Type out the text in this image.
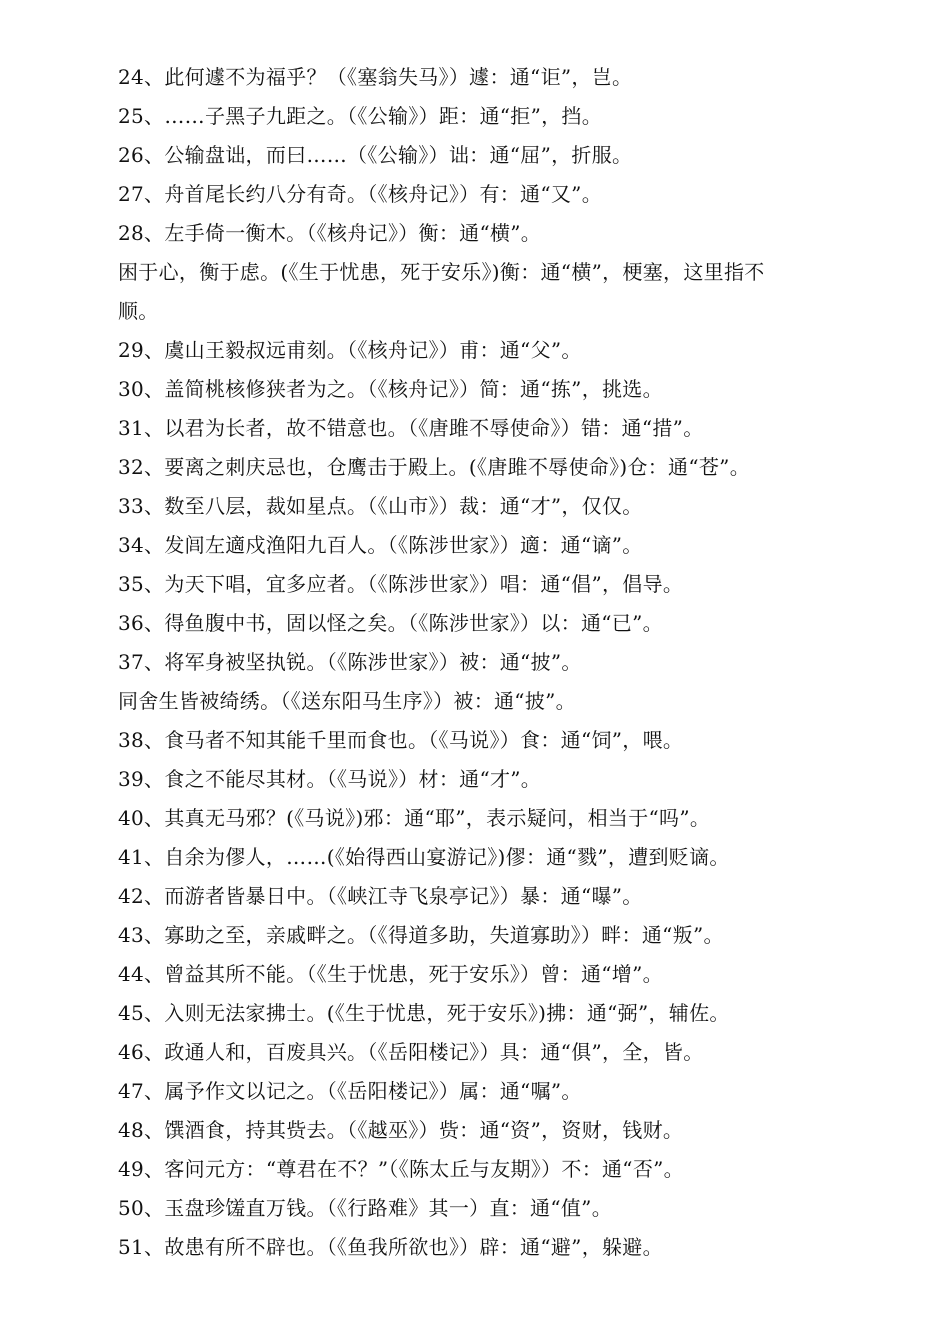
24、此何遽不为福乎？（《塞翁失马》）遽：通“讵”，岂。
25、……子黑子九距之。（《公输》）距：通“拒”，挡。
26、公输盘诎，而曰……（《公输》）诎：通“屈”，折服。
27、舟首尾长约八分有奇。（《核舟记》）有：通“又”。
28、左手倚一衡木。（《核舟记》）衡：通“横”。
困于心，衡于虑。(《生于忧患，死于安乐》)衡：通“横”，梗塞，这里指不
顺。
29、虞山王毅叔远甫刻。（《核舟记》）甫：通“父”。
30、盖简桃核修狭者为之。（《核舟记》）简：通“拣”，挑选。
31、以君为长者，故不错意也。（《唐雎不辱使命》）错：通“措”。
32、要离之刺庆忌也，仓鹰击于殿上。(《唐雎不辱使命》)仓：通“苍”。
33、数至八层，裁如星点。（《山市》）裁：通“才”，仅仅。
34、发闾左適戍渔阳九百人。（《陈涉世家》）適：通“谪”。
35、为天下唱，宜多应者。（《陈涉世家》）唱：通“倡”，倡导。
36、得鱼腹中书，固以怪之矣。（《陈涉世家》）以：通“已”。
37、将军身被坚执锐。（《陈涉世家》）被：通“披”。
同舍生皆被绮绣。（《送东阳马生序》）被：通“披”。
38、食马者不知其能千里而食也。（《马说》）食：通“饲”，喂。
39、食之不能尽其材。（《马说》）材：通“才”。
40、其真无马邪？(《马说》)邪：通“耶”，表示疑问，相当于“吗”。
41、自余为僇人，……(《始得西山宴游记》)僇：通“戮”，遭到贬谪。
42、而游者皆暴日中。（《峡江寺飞泉亭记》）暴：通“曝”。
43、寡助之至，亲戚畔之。（《得道多助，失道寡助》）畔：通“叛”。
44、曾益其所不能。（《生于忧患，死于安乐》）曾：通“增”。
45、入则无法家拂士。(《生于忧患，死于安乐》)拂：通“弼”，辅佐。
46、政通人和，百废具兴。（《岳阳楼记》）具：通“俱”，全，皆。
47、属予作文以记之。（《岳阳楼记》）属：通“嘱”。
48、馔酒食，持其赀去。（《越巫》）赀：通“资”，资财，钱财。
49、客问元方：“尊君在不？”（《陈太丘与友期》）不：通“否”。
50、玉盘珍馐直万钱。（《行路难》其一）直：通“值”。
51、故患有所不辟也。（《鱼我所欲也》）辟：通“避”，躲避。
